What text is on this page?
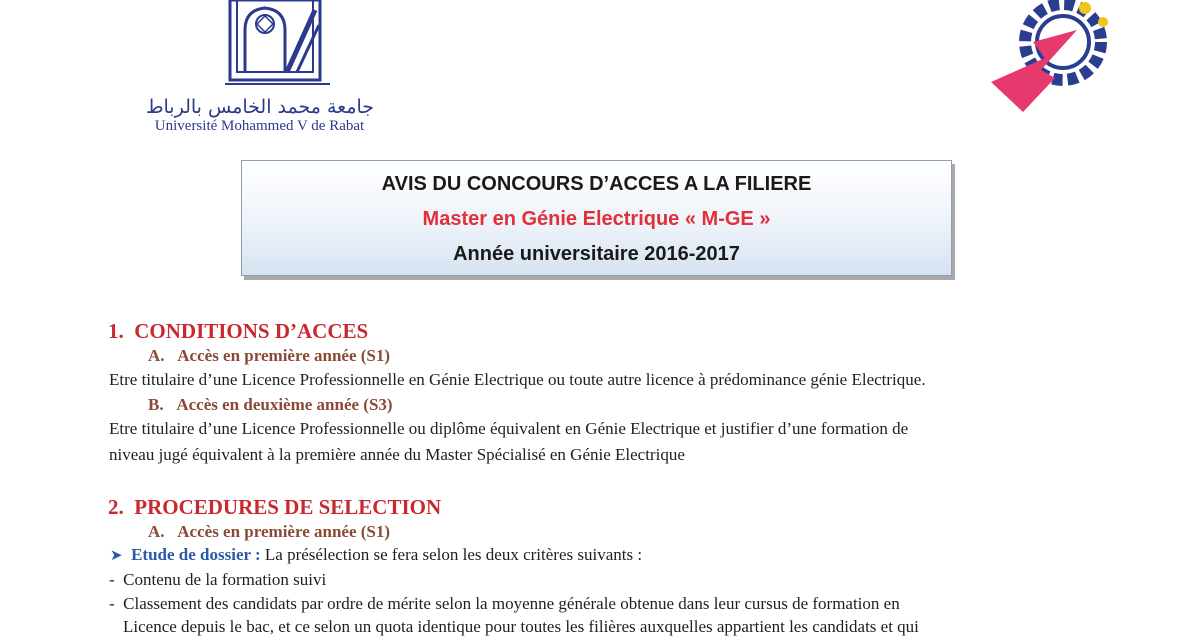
جامعة محمد الخامس بالرباط
Université Mohammed V de Rabat
AVIS DU CONCOURS D’ACCES A LA FILIERE
Master en Génie Electrique « M-GE »
Année universitaire 2016-2017
1. CONDITIONS D’ACCES
A. Accès en première année (S1)
Etre titulaire d’une Licence Professionnelle en Génie Electrique ou toute autre licence à prédominance génie Electrique.
B. Accès en deuxième année (S3)
Etre titulaire d’une Licence Professionnelle ou diplôme équivalent en Génie Electrique et justifier d’une formation de
niveau jugé équivalent à la première année du Master Spécialisé en Génie Electrique
2. PROCEDURES DE SELECTION
A. Accès en première année (S1)
➤ Etude de dossier : La présélection se fera selon les deux critères suivants :
- Contenu de la formation suivi
- Classement des candidats par ordre de mérite selon la moyenne générale obtenue dans leur cursus de formation en
Licence depuis le bac, et ce selon un quota identique pour toutes les filières auxquelles appartient les candidats et qui
